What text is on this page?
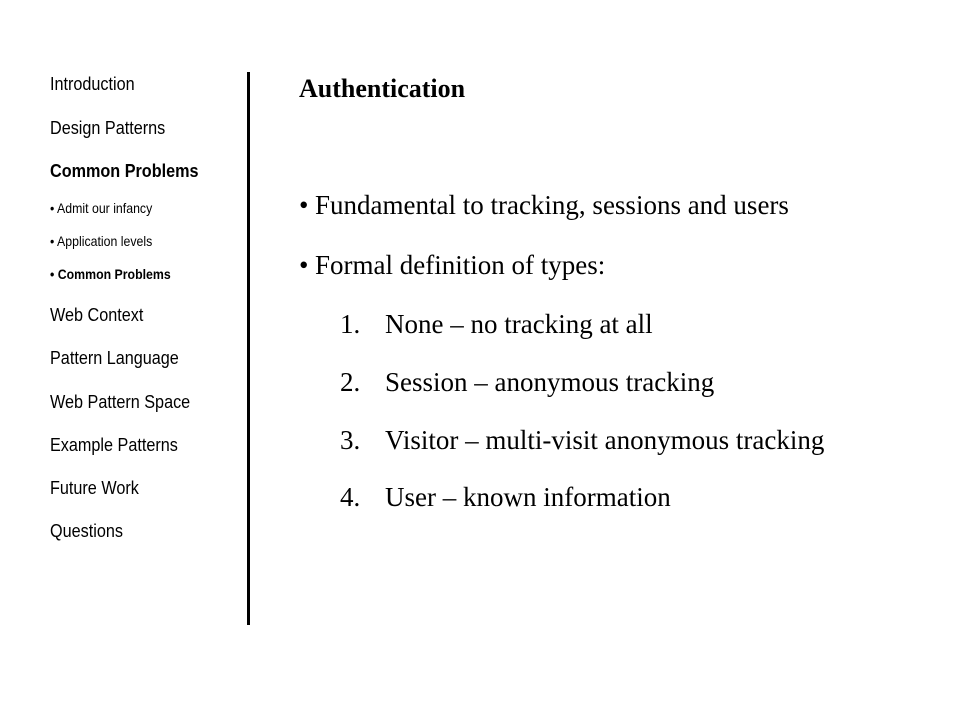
Introduction
Design Patterns
Common Problems
• Admit our infancy
• Application levels
• Common Problems
Web Context
Pattern Language
Web Pattern Space
Example Patterns
Future Work
Questions
Authentication
• Fundamental to tracking, sessions and users
• Formal definition of types:
1. None – no tracking at all
2. Session – anonymous tracking
3. Visitor – multi-visit anonymous tracking
4. User – known information
